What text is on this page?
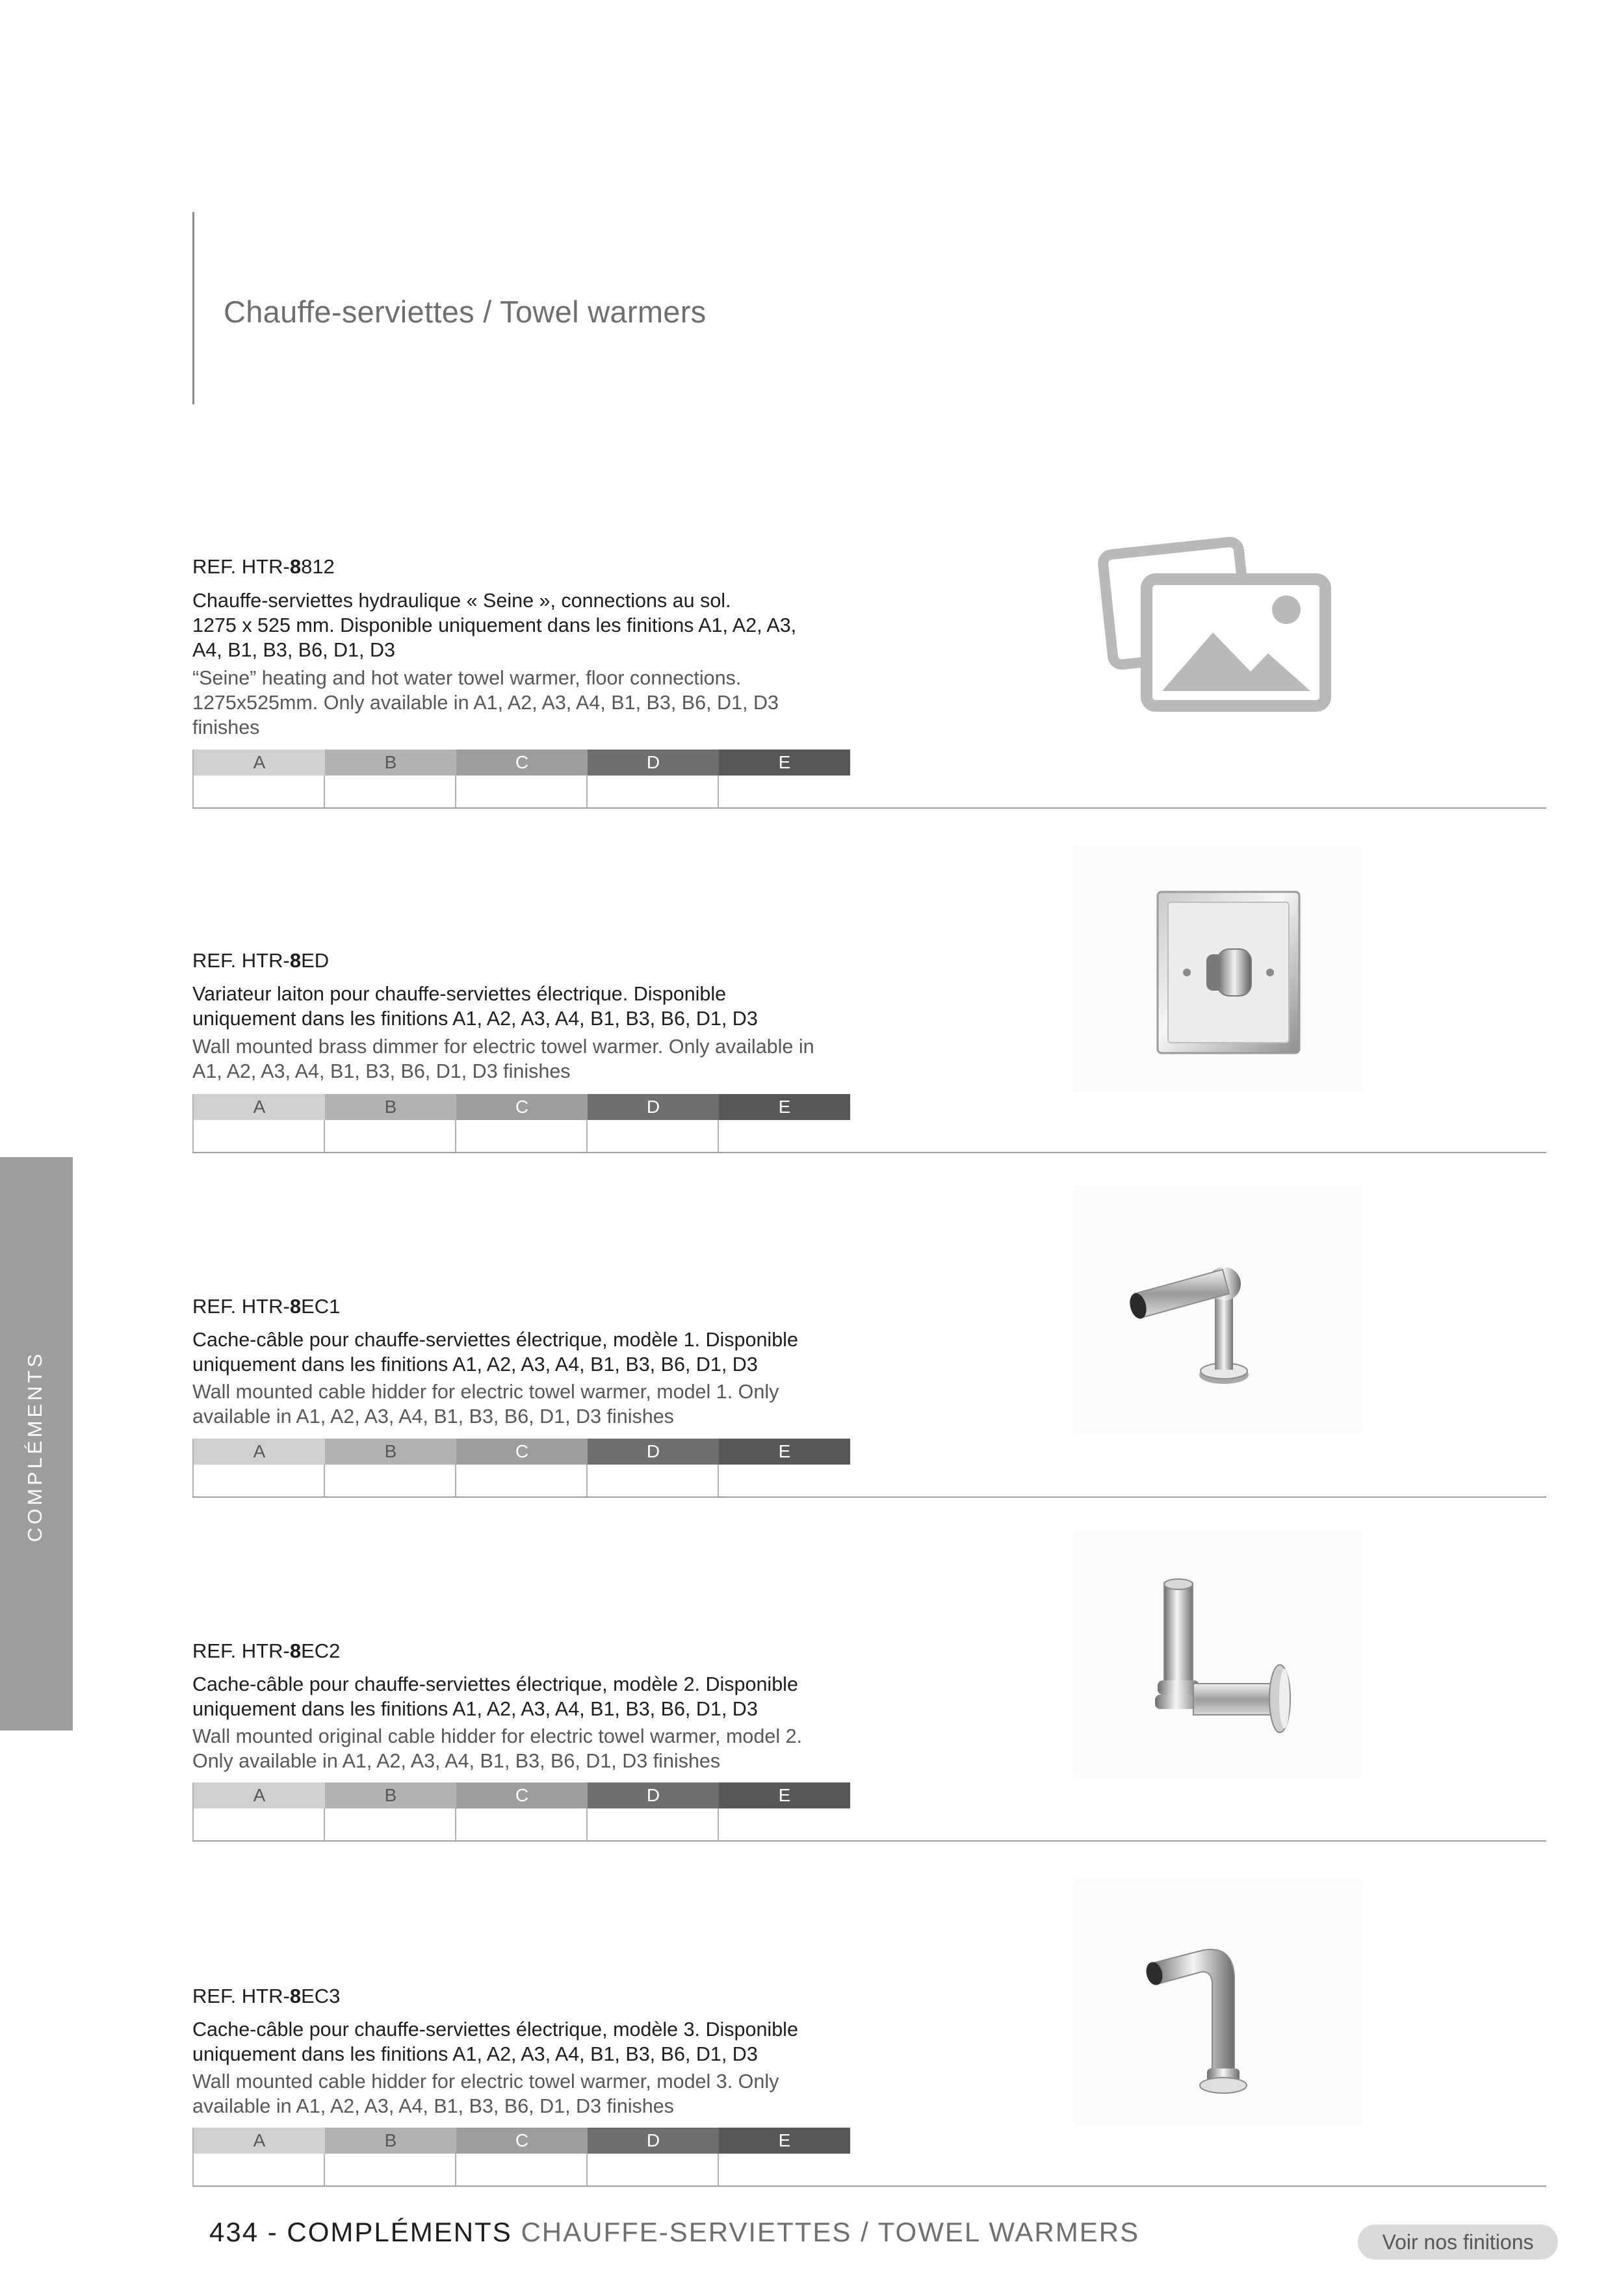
Chauffe-serviettes / Towel warmers
COMPLÉMENTS
REF. HTR-8812
Chauffe-serviettes hydraulique « Seine », connections au sol.
1275 x 525 mm. Disponible uniquement dans les finitions A1, A2, A3,
A4, B1, B3, B6, D1, D3
“Seine” heating and hot water towel warmer, floor connections.
1275x525mm. Only available in A1, A2, A3, A4, B1, B3, B6, D1, D3
finishes
A	B	C	D	E
REF. HTR-8ED
Variateur laiton pour chauffe-serviettes électrique. Disponible
uniquement dans les finitions A1, A2, A3, A4, B1, B3, B6, D1, D3
Wall mounted brass dimmer for electric towel warmer. Only available in
A1, A2, A3, A4, B1, B3, B6, D1, D3 finishes
A	B	C	D	E
REF. HTR-8EC1
Cache-câble pour chauffe-serviettes électrique, modèle 1. Disponible
uniquement dans les finitions A1, A2, A3, A4, B1, B3, B6, D1, D3
Wall mounted cable hidder for electric towel warmer, model 1. Only
available in A1, A2, A3, A4, B1, B3, B6, D1, D3 finishes
A	B	C	D	E
REF. HTR-8EC2
Cache-câble pour chauffe-serviettes électrique, modèle 2. Disponible
uniquement dans les finitions A1, A2, A3, A4, B1, B3, B6, D1, D3
Wall mounted original cable hidder for electric towel warmer, model 2.
Only available in A1, A2, A3, A4, B1, B3, B6, D1, D3 finishes
A	B	C	D	E
REF. HTR-8EC3
Cache-câble pour chauffe-serviettes électrique, modèle 3. Disponible
uniquement dans les finitions A1, A2, A3, A4, B1, B3, B6, D1, D3
Wall mounted cable hidder for electric towel warmer, model 3. Only
available in A1, A2, A3, A4, B1, B3, B6, D1, D3 finishes
A	B	C	D	E
434 - COMPLÉMENTS CHAUFFE-SERVIETTES / TOWEL WARMERS	Voir nos finitions
